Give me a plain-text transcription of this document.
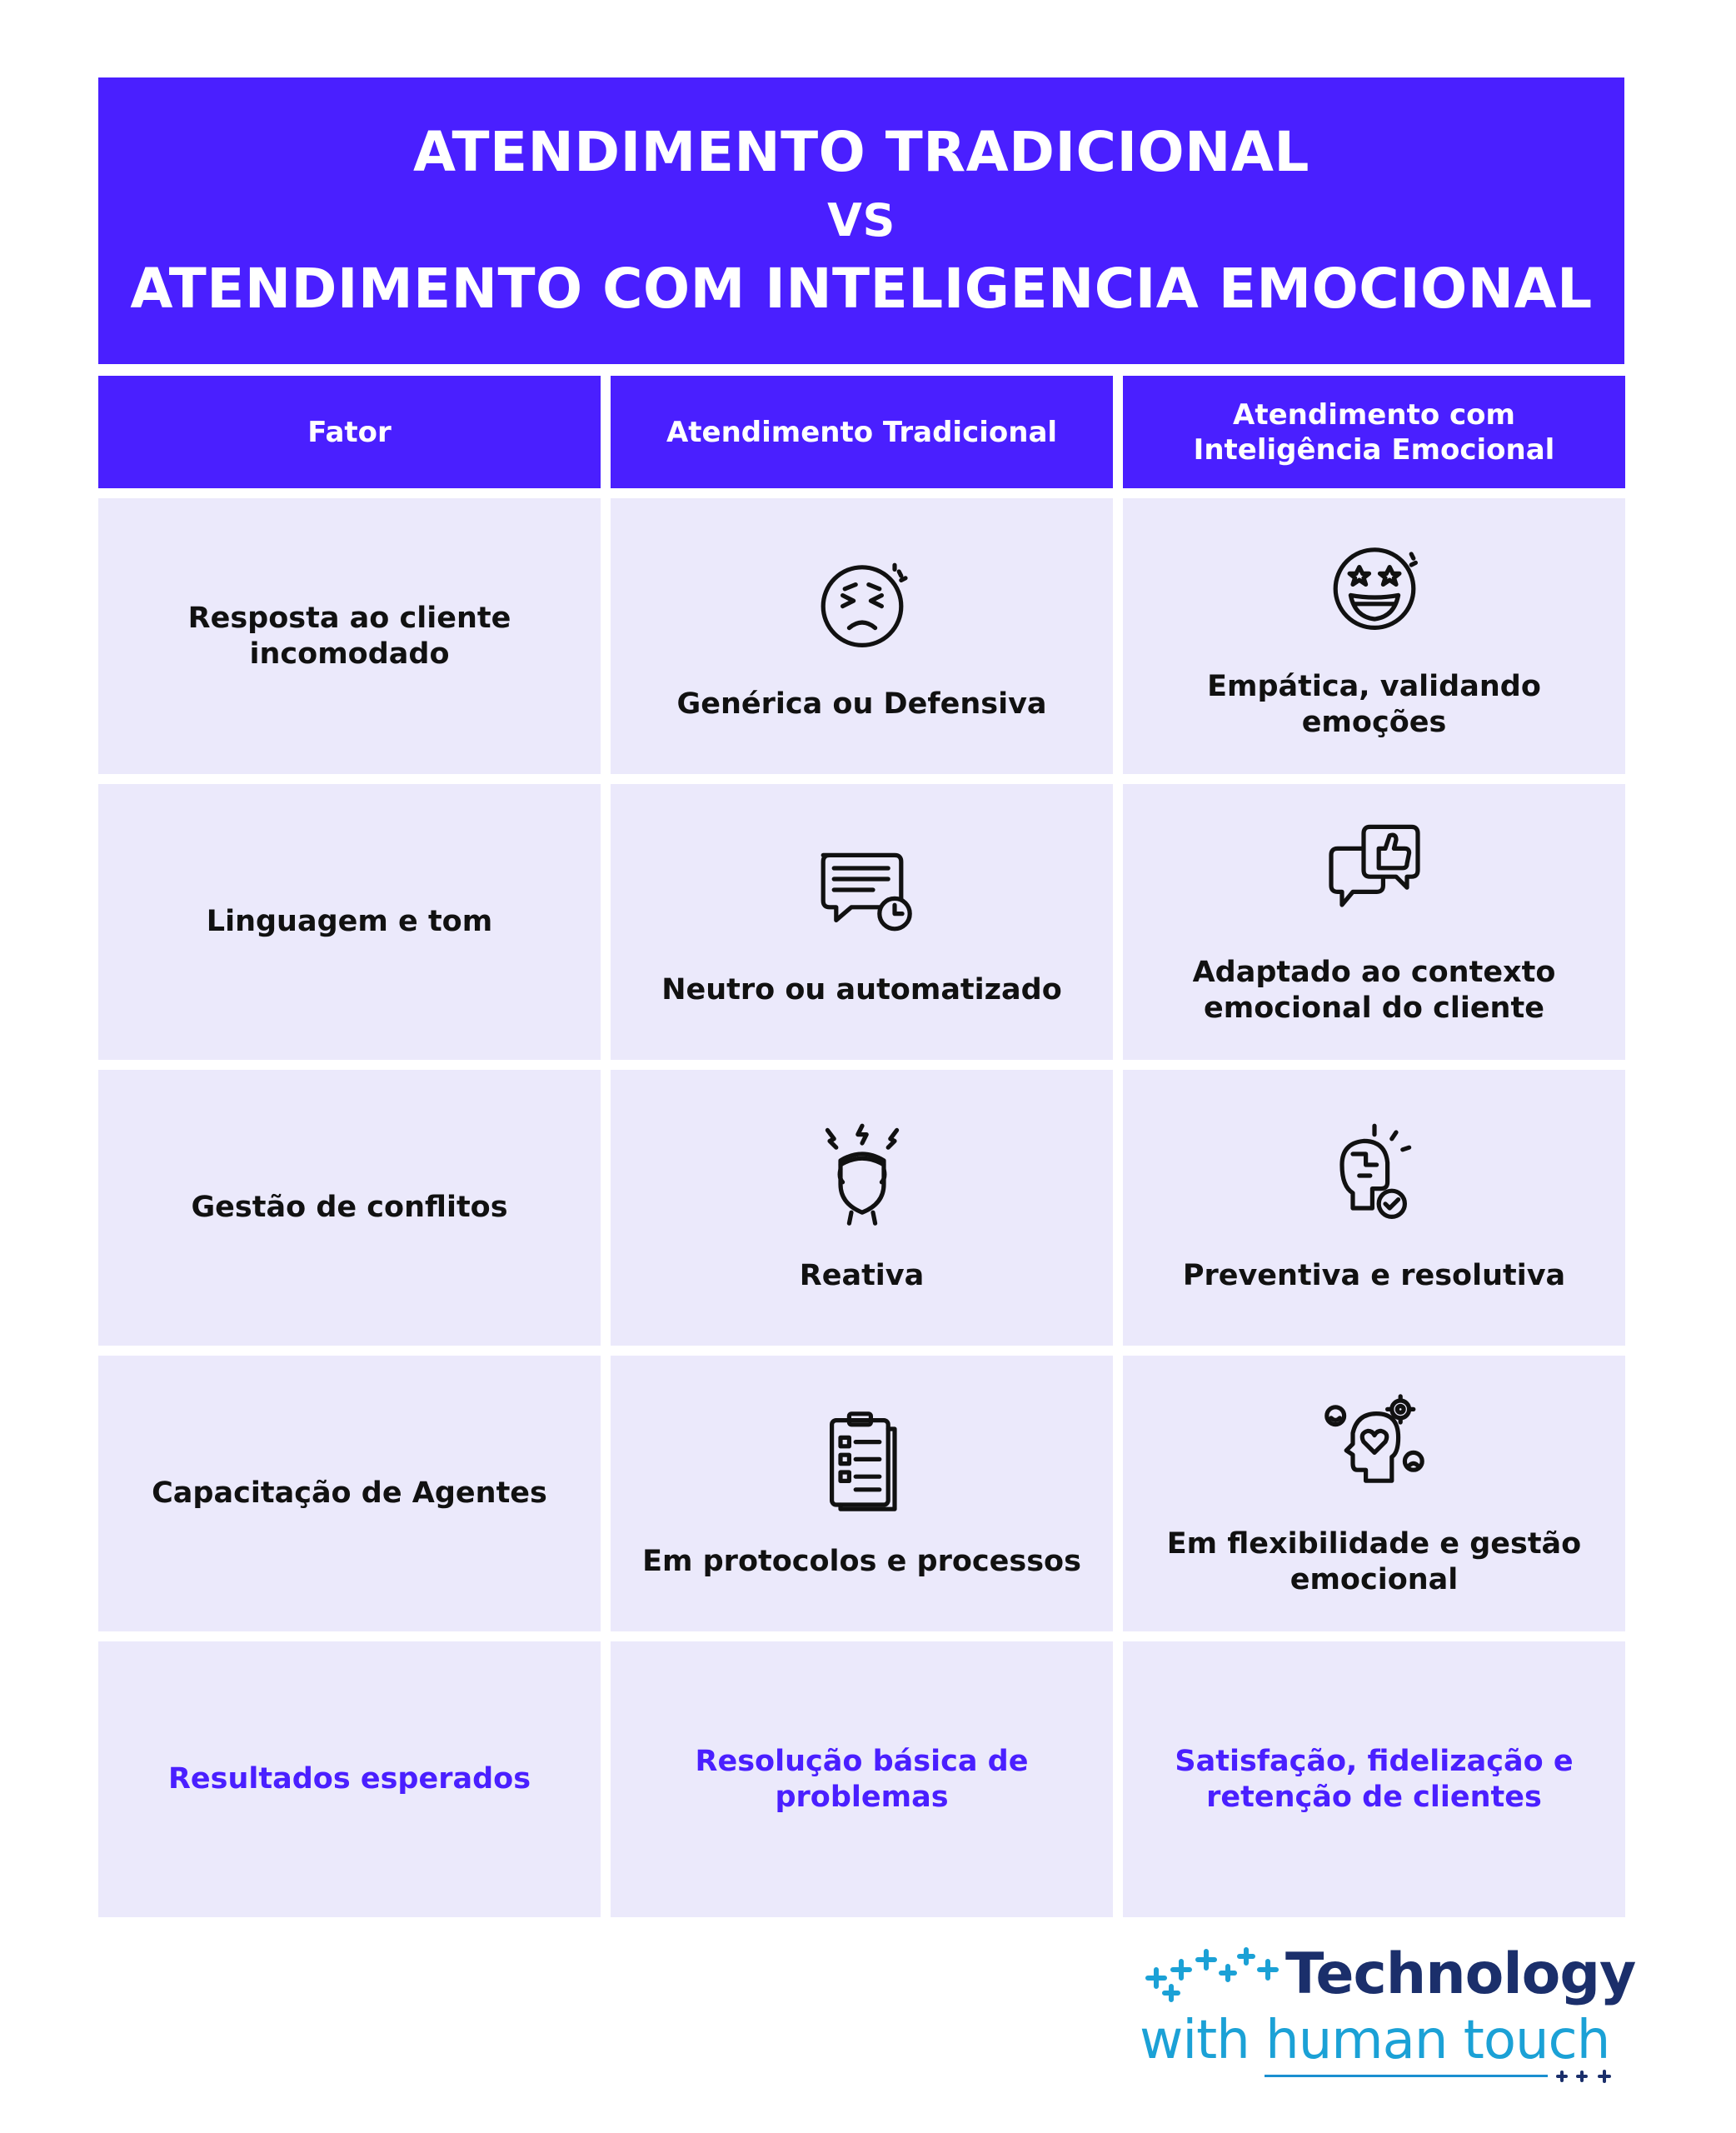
ATENDIMENTO TRADICIONAL
VS
ATENDIMENTO COM INTELIGENCIA EMOCIONAL
Fator	Atendimento Tradicional
Atendimento com Inteligência Emocional
Resposta ao cliente incomodado
Genérica ou Defensiva
Empática, validando emoções
Linguagem e tom
Neutro ou automatizado
Adaptado ao contexto emocional do cliente
Gestão de conflitos
Reativa	Preventiva e resolutiva
Capacitação de Agentes
Em protocolos e processos
Em flexibilidade e gestão emocional
Resultados esperados
Resolução básica de problemas
Satisfação, fidelização e retenção de clientes
Technology
with human touch
